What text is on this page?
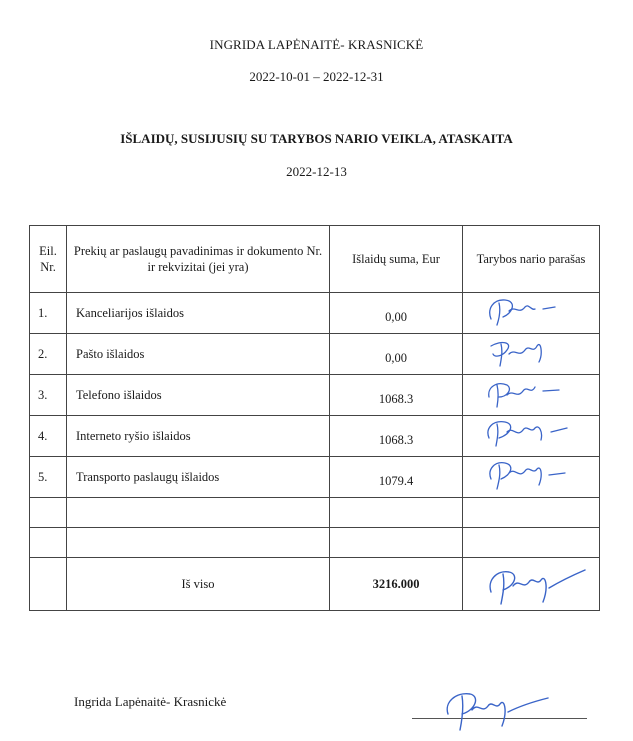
INGRIDA LAPĖNAITĖ- KRASNICKĖ
2022-10-01 – 2022-12-31
IŠLAIDŲ, SUSIJUSIŲ SU TARYBOS NARIO VEIKLA, ATASKAITA
2022-12-13
Eil. Nr.	Prekių ar paslaugų pavadinimas ir dokumento Nr. ir rekvizitai (jei yra)	Išlaidų suma, Eur	Tarybos nario parašas
1.	Kanceliarijos išlaidos	0,00	

2.	Pašto išlaidos	0,00	

3.	Telefono išlaidos	1068.3	

4.	Interneto ryšio išlaidos	1068.3	

5.	Transporto paslaugų išlaidos	1079.4	

	Iš viso	3216.000	
Ingrida Lapėnaitė- Krasnickė
